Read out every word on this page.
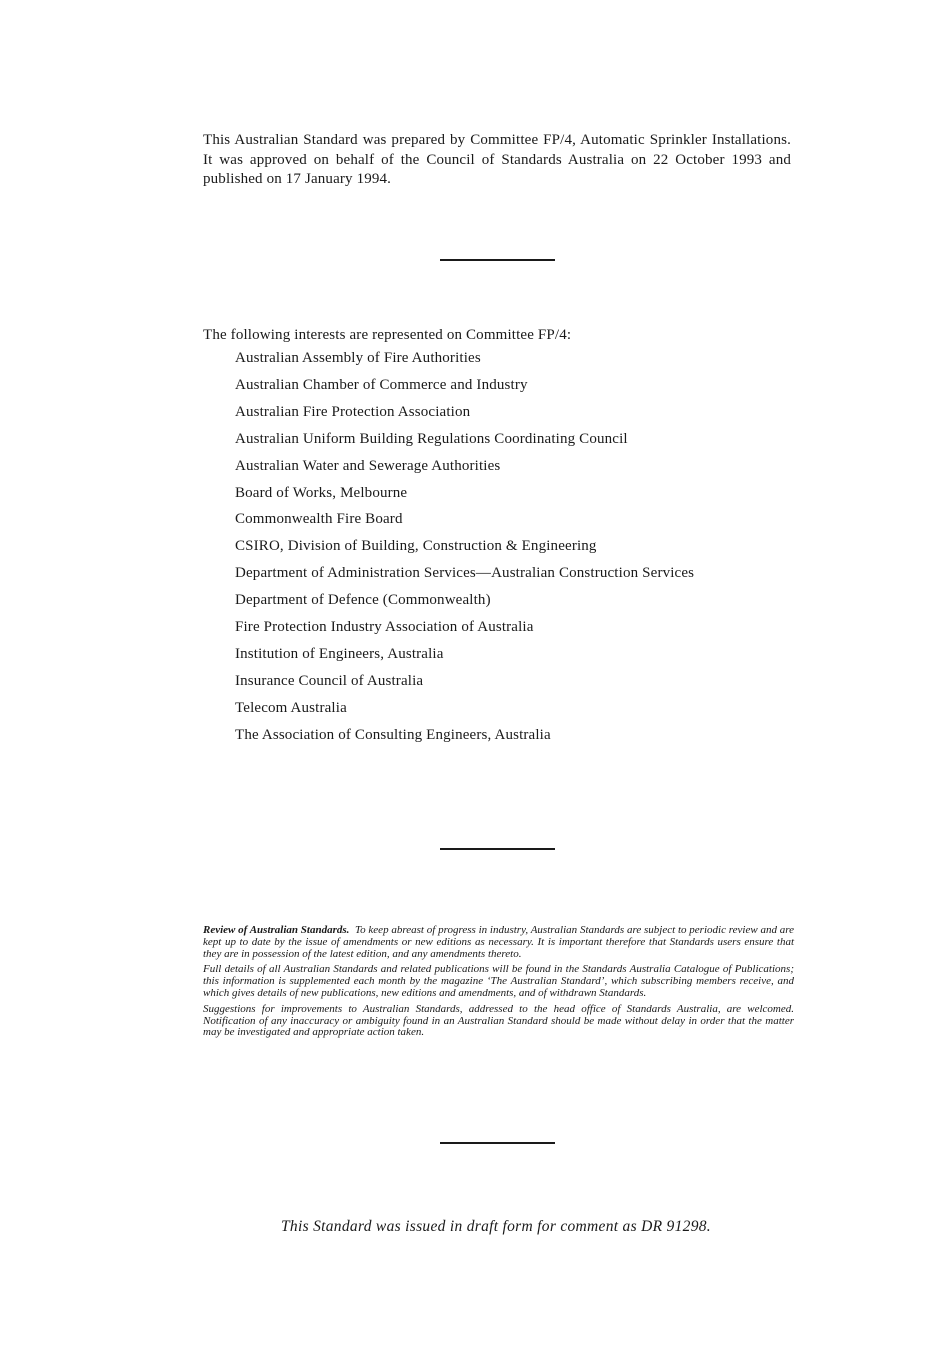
This Australian Standard was prepared by Committee FP/4, Automatic Sprinkler Installations. It was approved on behalf of the Council of Standards Australia on 22 October 1993 and published on 17 January 1994.

The following interests are represented on Committee FP/4:

Australian Assembly of Fire Authorities
Australian Chamber of Commerce and Industry
Australian Fire Protection Association
Australian Uniform Building Regulations Coordinating Council
Australian Water and Sewerage Authorities
Board of Works, Melbourne
Commonwealth Fire Board
CSIRO, Division of Building, Construction & Engineering
Department of Administration Services—Australian Construction Services
Department of Defence (Commonwealth)
Fire Protection Industry Association of Australia
Institution of Engineers, Australia
Insurance Council of Australia
Telecom Australia
The Association of Consulting Engineers, Australia

Review of Australian Standards. To keep abreast of progress in industry, Australian Standards are subject to periodic review and are kept up to date by the issue of amendments or new editions as necessary. It is important therefore that Standards users ensure that they are in possession of the latest edition, and any amendments thereto.

Full details of all Australian Standards and related publications will be found in the Standards Australia Catalogue of Publications; this information is supplemented each month by the magazine ‘The Australian Standard’, which subscribing members receive, and which gives details of new publications, new editions and amendments, and of withdrawn Standards.

Suggestions for improvements to Australian Standards, addressed to the head office of Standards Australia, are welcomed. Notification of any inaccuracy or ambiguity found in an Australian Standard should be made without delay in order that the matter may be investigated and appropriate action taken.

This Standard was issued in draft form for comment as DR 91298.
